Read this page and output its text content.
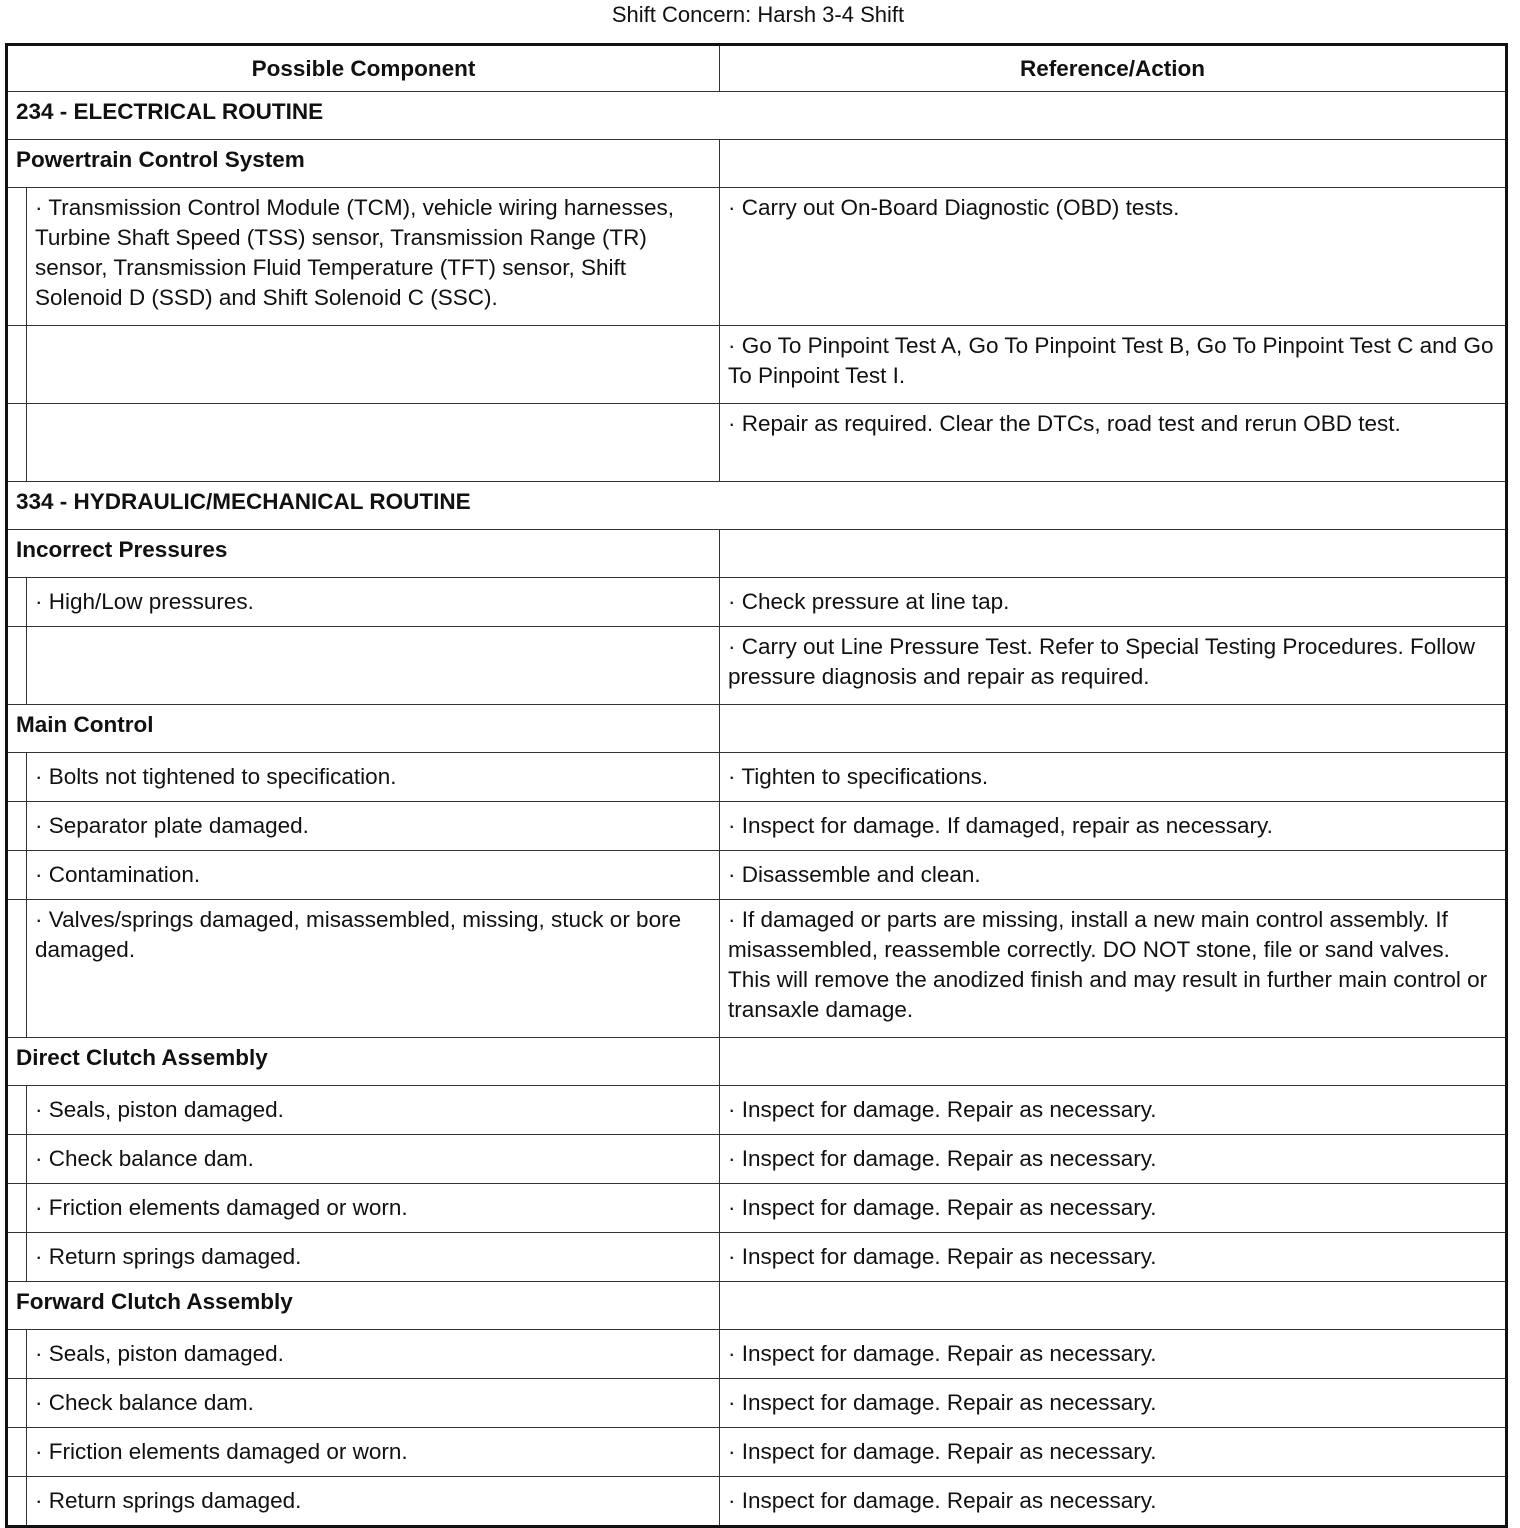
Shift Concern: Harsh 3-4 Shift
Possible Component		Reference/Action
234 - ELECTRICAL ROUTINE		
Powertrain Control System		
	· Transmission Control Module (TCM), vehicle wiring harnesses, Turbine Shaft Speed (TSS) sensor, Transmission Range (TR) sensor, Transmission Fluid Temperature (TFT) sensor, Shift Solenoid D (SSD) and Shift Solenoid C (SSC).	· Carry out On-Board Diagnostic (OBD) tests.
		· Go To Pinpoint Test A, Go To Pinpoint Test B, Go To Pinpoint Test C and Go To Pinpoint Test I.
		· Repair as required. Clear the DTCs, road test and rerun OBD test.
334 - HYDRAULIC/MECHANICAL ROUTINE		
Incorrect Pressures		
	· High/Low pressures.	· Check pressure at line tap.
		· Carry out Line Pressure Test. Refer to Special Testing Procedures. Follow pressure diagnosis and repair as required.
Main Control		
	· Bolts not tightened to specification.	· Tighten to specifications.
	· Separator plate damaged.	· Inspect for damage. If damaged, repair as necessary.
	· Contamination.	· Disassemble and clean.
	· Valves/springs damaged, misassembled, missing, stuck or bore damaged.	· If damaged or parts are missing, install a new main control assembly. If misassembled, reassemble correctly. DO NOT stone, file or sand valves. This will remove the anodized finish and may result in further main control or transaxle damage.
Direct Clutch Assembly		
	· Seals, piston damaged.	· Inspect for damage. Repair as necessary.
	· Check balance dam.	· Inspect for damage. Repair as necessary.
	· Friction elements damaged or worn.	· Inspect for damage. Repair as necessary.
	· Return springs damaged.	· Inspect for damage. Repair as necessary.
Forward Clutch Assembly		
	· Seals, piston damaged.	· Inspect for damage. Repair as necessary.
	· Check balance dam.	· Inspect for damage. Repair as necessary.
	· Friction elements damaged or worn.	· Inspect for damage. Repair as necessary.
	· Return springs damaged.	· Inspect for damage. Repair as necessary.
